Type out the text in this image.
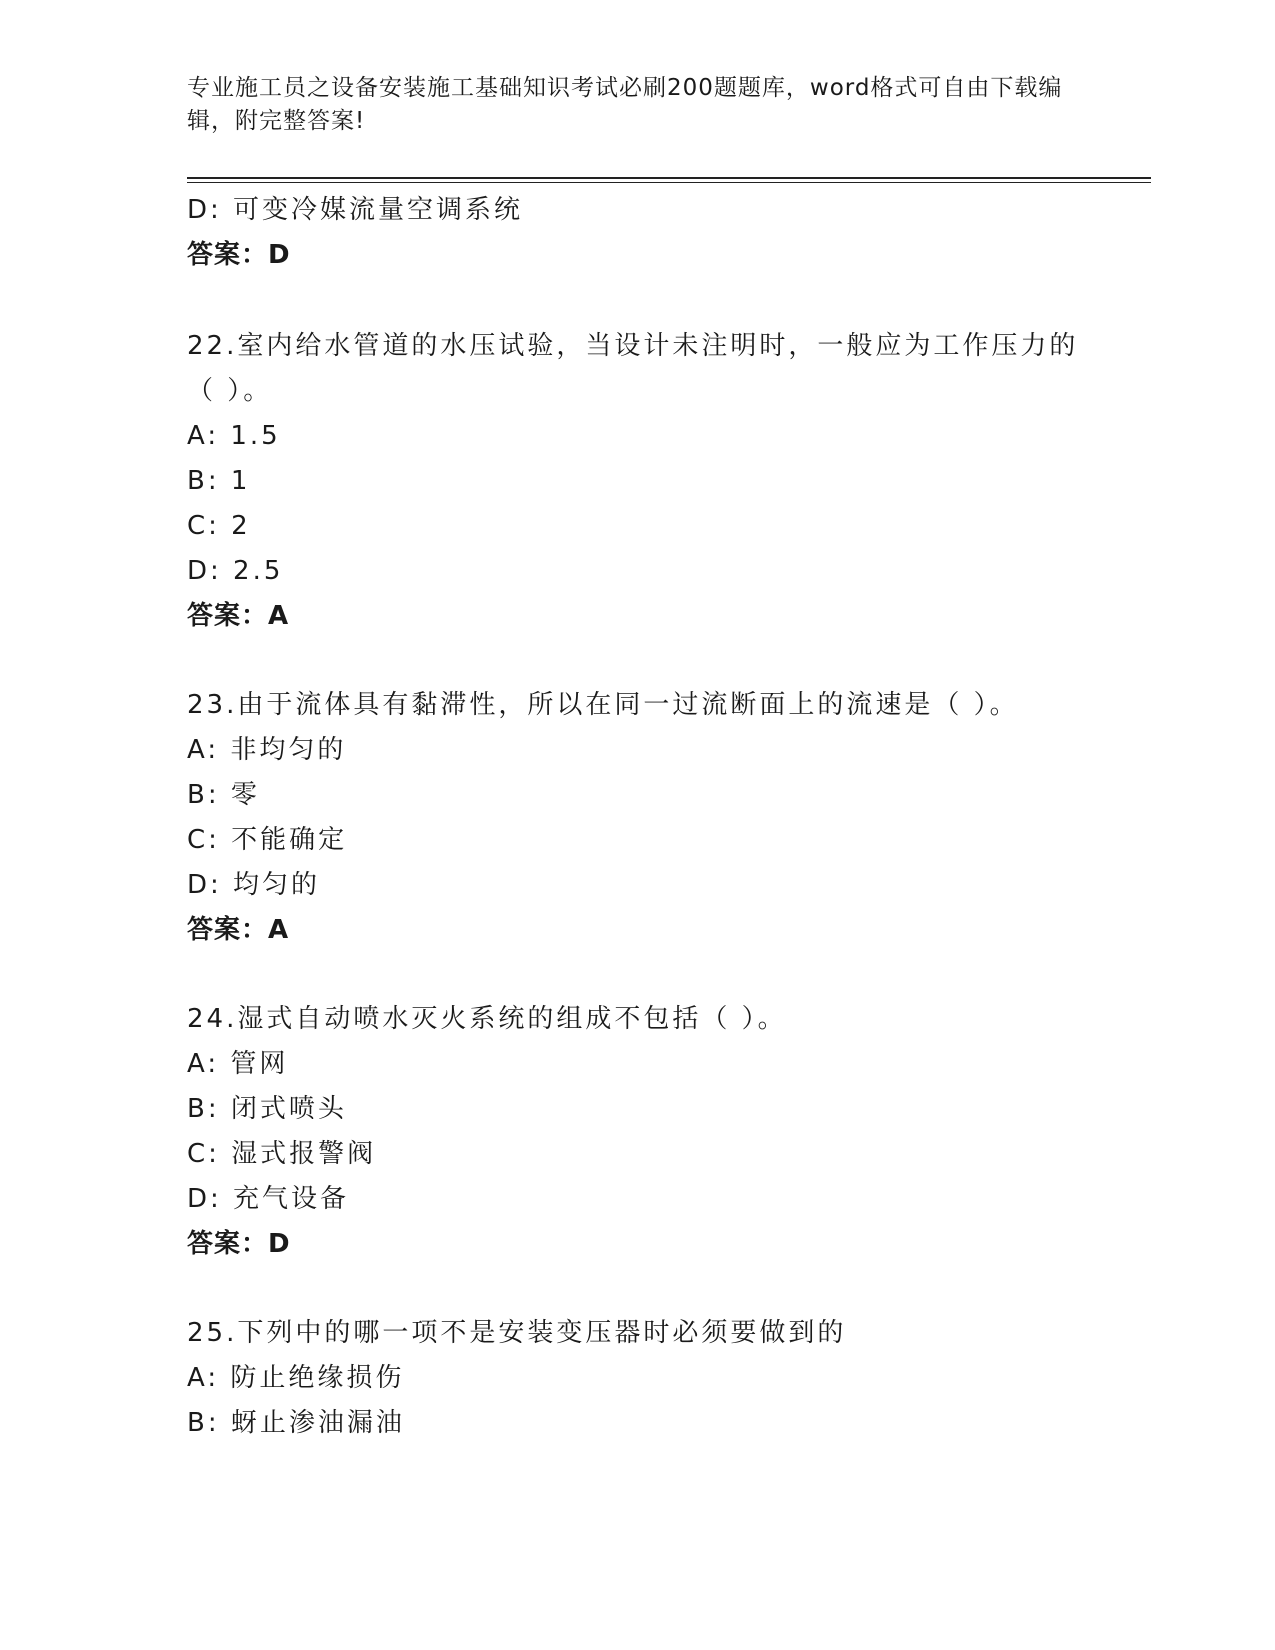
专业施工员之设备安装施工基础知识考试必刷200题题库，word格式可自由下载编辑，附完整答案!
D: 可变冷媒流量空调系统
答案：D
22.室内给水管道的水压试验，当设计未注明时，一般应为工作压力的
（ ）。
A: 1.5
B: 1
C: 2
D: 2.5
答案：A
23.由于流体具有黏滞性，所以在同一过流断面上的流速是（ ）。
A: 非均匀的
B: 零
C: 不能确定
D: 均匀的
答案：A
24.湿式自动喷水灭火系统的组成不包括（ ）。
A: 管网
B: 闭式喷头
C: 湿式报警阀
D: 充气设备
答案：D
25.下列中的哪一项不是安装变压器时必须要做到的
A: 防止绝缘损伤
B: 蚜止渗油漏油
